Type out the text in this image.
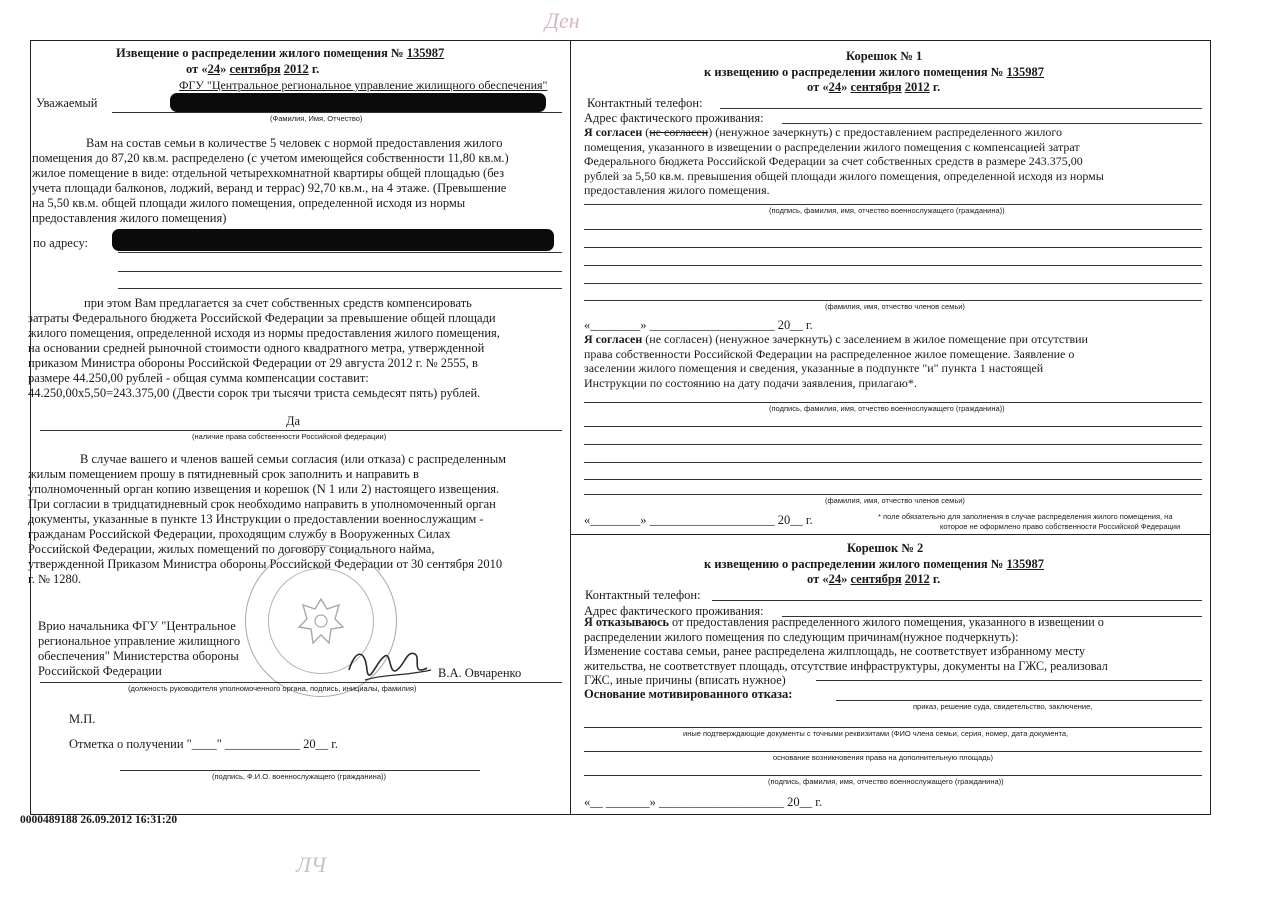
Ден
ЛЧ
Извещение о распределении жилого помещения № 135987
от «24» сентября 2012 г.
ФГУ "Центральное региональное управление жилищного обеспечения"
Уважаемый
(Фамилия, Имя, Отчество)
Вам на состав семьи в количестве 5 человек с нормой предоставления жилого
помещения до 87,20 кв.м. распределено (с учетом имеющейся собственности 11,80 кв.м.)
жилое помещение в виде: отдельной четырехкомнатной квартиры общей площадью (без
учета площади балконов, лоджий, веранд и террас) 92,70 кв.м., на 4 этаже. (Превышение
на 5,50 кв.м. общей площади жилого помещения, определенной исходя из нормы
предоставления жилого помещения)
по адресу:
при этом Вам предлагается за счет собственных средств компенсировать
затраты Федерального бюджета Российской Федерации за превышение общей площади
жилого помещения, определенной исходя из нормы предоставления жилого помещения,
на основании средней рыночной стоимости одного квадратного метра, утвержденной
приказом Министра обороны Российской Федерации от 29 августа 2012 г. № 2555, в
размере 44.250,00 рублей - общая сумма компенсации составит:
44.250,00x5,50=243.375,00 (Двести сорок три тысячи триста семьдесят пять) рублей.
Да
(наличие права собственности Российской федерации)
В случае вашего и членов вашей семьи согласия (или отказа) с распределенным
жилым помещением прошу в пятидневный срок заполнить и направить в
уполномоченный орган копию извещения и корешок (N 1 или 2) настоящего извещения.
При согласии в тридцатидневный срок необходимо направить в уполномоченный орган
документы, указанные в пункте 13 Инструкции о предоставлении военнослужащим -
гражданам Российской Федерации, проходящим службу в Вооруженных Силах
Российской Федерации, жилых помещений по договору социального найма,
утвержденной Приказом Министра обороны Российской Федерации от 30 сентября 2010
г. № 1280.
Врио начальника ФГУ "Центральное
региональное управление жилищного
обеспечения" Министерства обороны
Российской Федерации	В.А. Овчаренко
(должность руководителя уполномоченного органа, подпись, инициалы, фамилия)
М.П.
Отметка о получении "____" ____________ 20__ г.
(подпись, Ф.И.О. военнослужащего (гражданина))
Корешок № 1
к извещению о распределении жилого помещения № 135987
от «24» сентября 2012 г.
Контактный телефон:
Адрес фактического проживания:
Я согласен (не согласен) (ненужное зачеркнуть) с предоставлением распределенного жилого
помещения, указанного в извещении о распределении жилого помещения с компенсацией затрат
Федерального бюджета Российской Федерации за счет собственных средств в размере 243.375,00
рублей за 5,50 кв.м. превышения общей площади жилого помещения, определенной исходя из нормы
предоставления жилого помещения.
(подпись, фамилия, имя, отчество военнослужащего (гражданина))
(фамилия, имя, отчество членов семьи)
«________» ____________________ 20__ г.
Я согласен (не согласен) (ненужное зачеркнуть) с заселением в жилое помещение при отсутствии
права собственности Российской Федерации на распределенное жилое помещение. Заявление о
заселении жилого помещения и сведения, указанные в подпункте "и" пункта 1 настоящей
Инструкции по состоянию на дату подачи заявления, прилагаю*.
(подпись, фамилия, имя, отчество военнослужащего (гражданина))
(фамилия, имя, отчество членов семьи)
«________» ____________________ 20__ г.	* поле обязательно для заполнения в случае распределения жилого помещения, на
которое не оформлено право собственности Российской Федерации
Корешок № 2
к извещению о распределении жилого помещения № 135987
от «24» сентября 2012 г.
Контактный телефон:
Адрес фактического проживания:
Я отказываюсь от предоставления распределенного жилого помещения, указанного в извещении о
распределении жилого помещения по следующим причинам(нужное подчеркнуть):
Изменение состава семьи, ранее распределена жилплощадь, не соответствует избранному месту
жительства, не соответствует площадь, отсутствие инфраструктуры, документы на ГЖС, реализовал
ГЖС, иные причины (вписать нужное)
Основание мотивированного отказа:
приказ, решение суда, свидетельство, заключение,
иные подтверждающие документы с точными реквизитами (ФИО члена семьи, серия, номер, дата документа,
основание возникновения права на дополнительную площадь)
(подпись, фамилия, имя, отчество военнослужащего (гражданина))
«__ _______» ____________________ 20__ г.
0000489188 26.09.2012 16:31:20
